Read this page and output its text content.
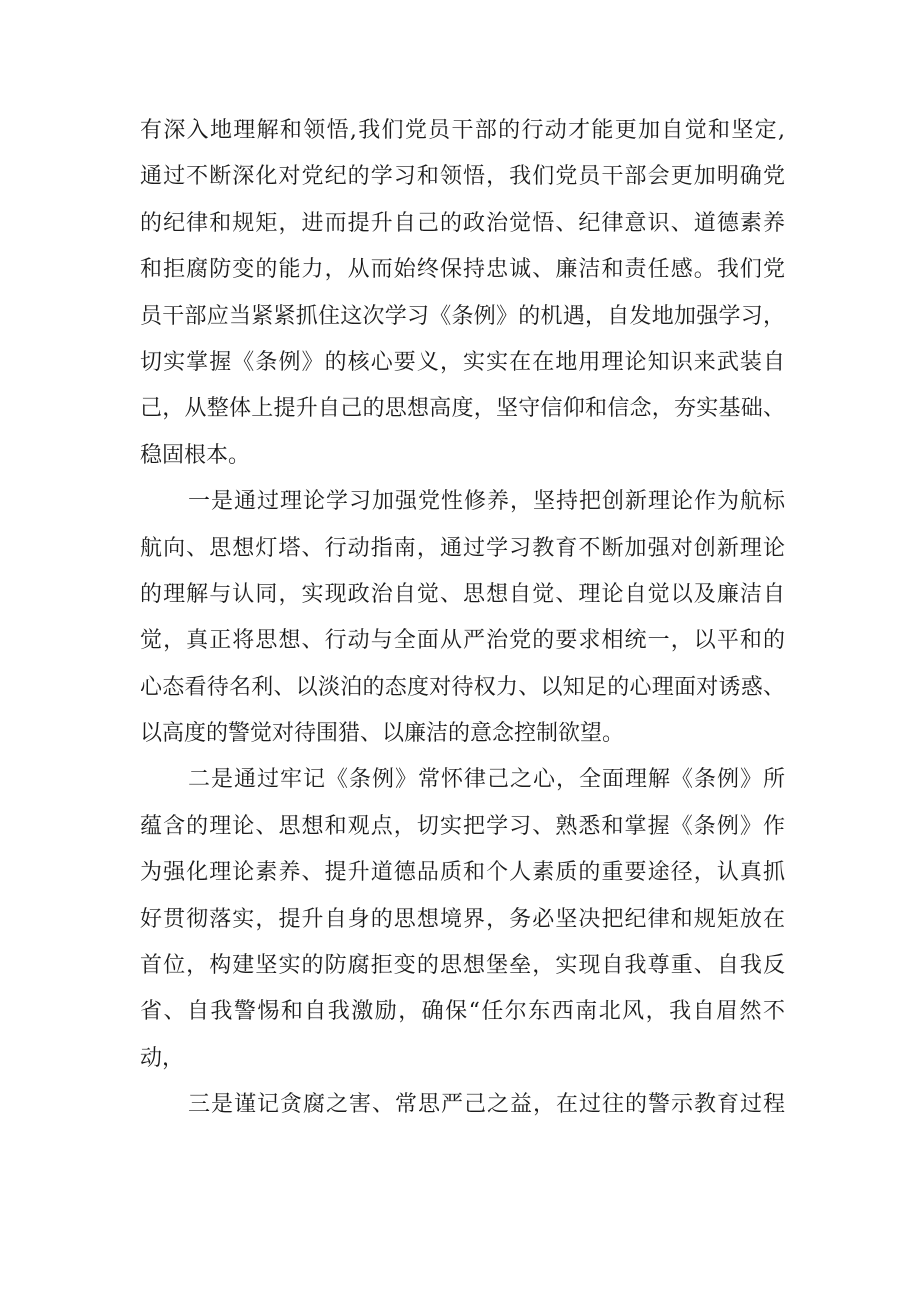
有深入地理解和领悟,我们党员干部的行动才能更加自觉和坚定,
通过不断深化对党纪的学习和领悟，我们党员干部会更加明确党
的纪律和规矩，进而提升自己的政治觉悟、纪律意识、道德素养
和拒腐防变的能力，从而始终保持忠诚、廉洁和责任感。我们党
员干部应当紧紧抓住这次学习《条例》的机遇，自发地加强学习，
切实掌握《条例》的核心要义，实实在在地用理论知识来武装自
己，从整体上提升自己的思想高度，坚守信仰和信念，夯实基础、
稳固根本。
一是通过理论学习加强党性修养，坚持把创新理论作为航标
航向、思想灯塔、行动指南，通过学习教育不断加强对创新理论
的理解与认同，实现政治自觉、思想自觉、理论自觉以及廉洁自
觉，真正将思想、行动与全面从严治党的要求相统一，以平和的
心态看待名利、以淡泊的态度对待权力、以知足的心理面对诱惑、
以高度的警觉对待围猎、以廉洁的意念控制欲望。
二是通过牢记《条例》常怀律己之心，全面理解《条例》所
蕴含的理论、思想和观点，切实把学习、熟悉和掌握《条例》作
为强化理论素养、提升道德品质和个人素质的重要途径，认真抓
好贯彻落实，提升自身的思想境界，务必坚决把纪律和规矩放在
首位，构建坚实的防腐拒变的思想堡垒，实现自我尊重、自我反
省、自我警惕和自我激励，确保“任尔东西南北风，我自眉然不
动，
三是谨记贪腐之害、常思严己之益，在过往的警示教育过程
